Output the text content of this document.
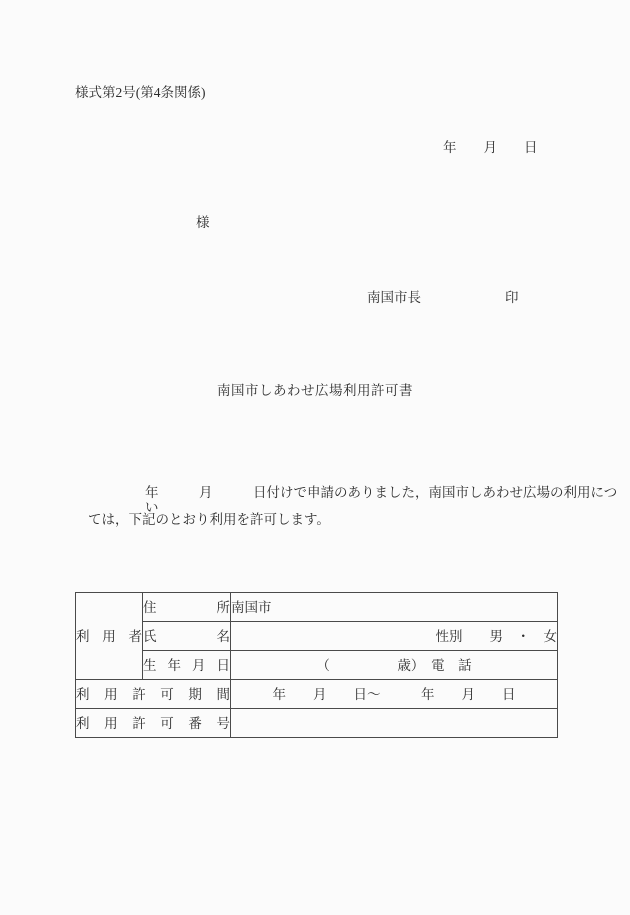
様式第2号(第4条関係)
年　　月　　日
様
南国市長	印
南国市しあわせ広場利用許可書
年　　　月　　　日付けで申請のありました，南国市しあわせ広場の利用につい
ては，下記のとおり利用を許可します。
利用者	住所	南国市
	氏名	性別　　男　・　女
	生年月日	（　　　　　歳）　電　話
利用許可期間		年　　月　　日～　　　年　　月　　日
利用許可番号		
